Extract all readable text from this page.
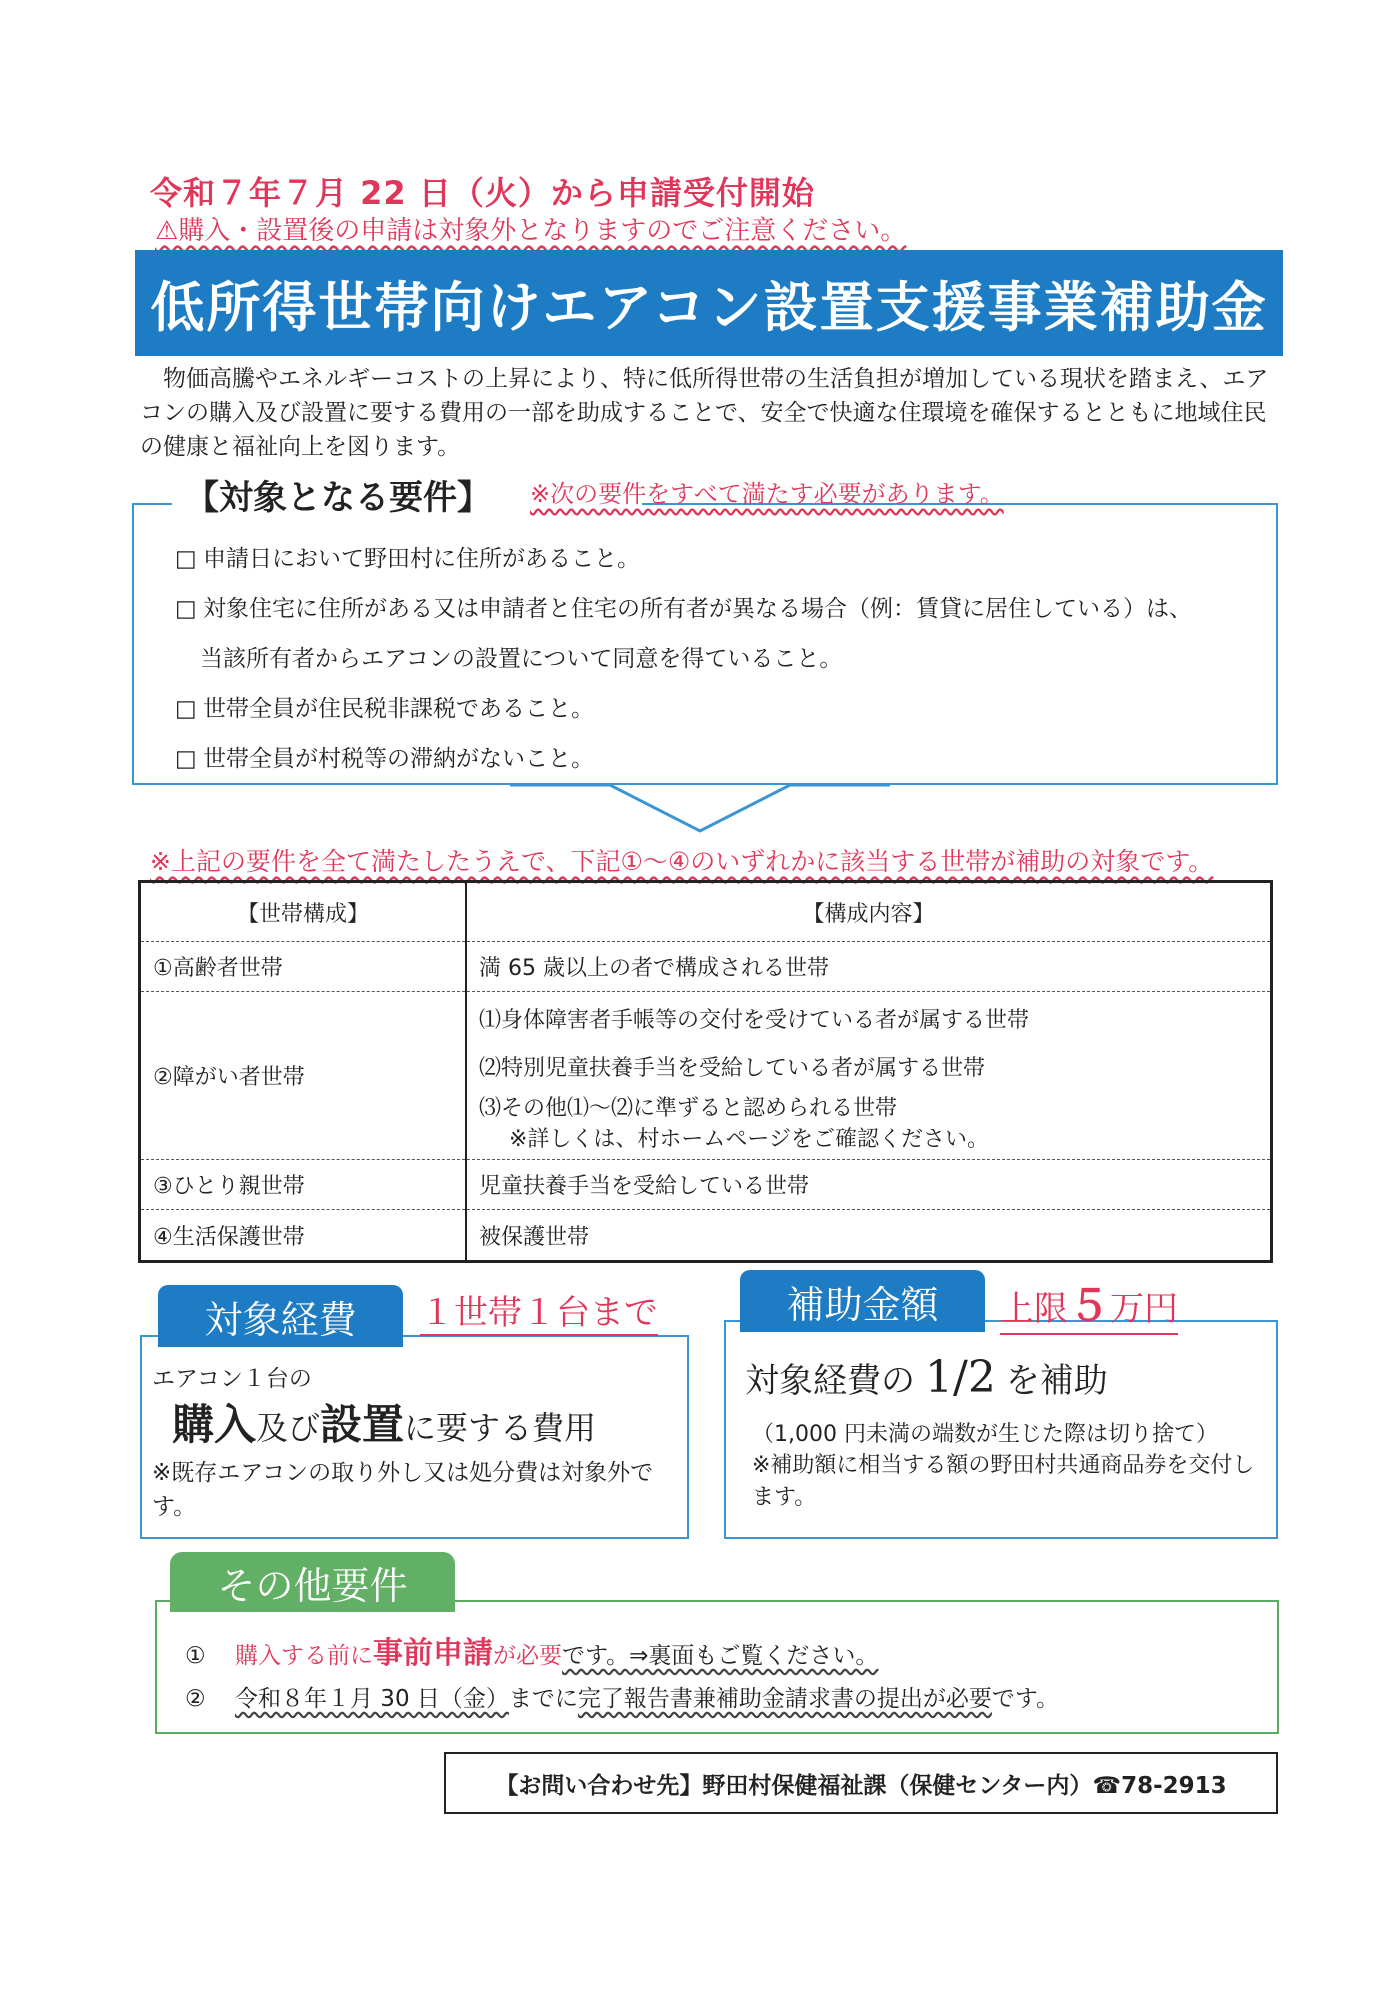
令和７年７月 22 日（火）から申請受付開始
⚠購入・設置後の申請は対象外となりますのでご注意ください。
低所得世帯向けエアコン設置支援事業補助金
物価高騰やエネルギーコストの上昇により、特に低所得世帯の生活負担が増加している現状を踏まえ、エアコンの購入及び設置に要する費用の一部を助成することで、安全で快適な住環境を確保するとともに地域住民の健康と福祉向上を図ります。
【対象となる要件】	※次の要件をすべて満たす必要があります。
□ 申請日において野田村に住所があること。
□ 対象住宅に住所がある又は申請者と住宅の所有者が異なる場合（例：賃貸に居住している）は、
当該所有者からエアコンの設置について同意を得ていること。
□ 世帯全員が住民税非課税であること。
□ 世帯全員が村税等の滞納がないこと。
※上記の要件を全て満たしたうえで、下記①～④のいずれかに該当する世帯が補助の対象です。
【世帯構成】	【構成内容】
①高齢者世帯	満 65 歳以上の者で構成される世帯
②障がい者世帯	⑴身体障害者手帳等の交付を受けている者が属する世帯
⑵特別児童扶養手当を受給している者が属する世帯
⑶その他⑴～⑵に準ずると認められる世帯
※詳しくは、村ホームページをご確認ください。

③ひとり親世帯	児童扶養手当を受給している世帯
④生活保護世帯	被保護世帯
対象経費	１世帯１台まで
エアコン１台の
購入及び設置に要する費用
※既存エアコンの取り外し又は処分費は対象外です。
補助金額	上限５万円
対象経費の 1/2 を補助
（1,000 円未満の端数が生じた際は切り捨て）
※補助額に相当する額の野田村共通商品券を交付します。
その他要件
① 購入する前に事前申請が必要です。⇒裏面もご覧ください。
② 令和８年１月 30 日（金）までに完了報告書兼補助金請求書の提出が必要です。
【お問い合わせ先】野田村保健福祉課（保健センター内）☎78-2913
